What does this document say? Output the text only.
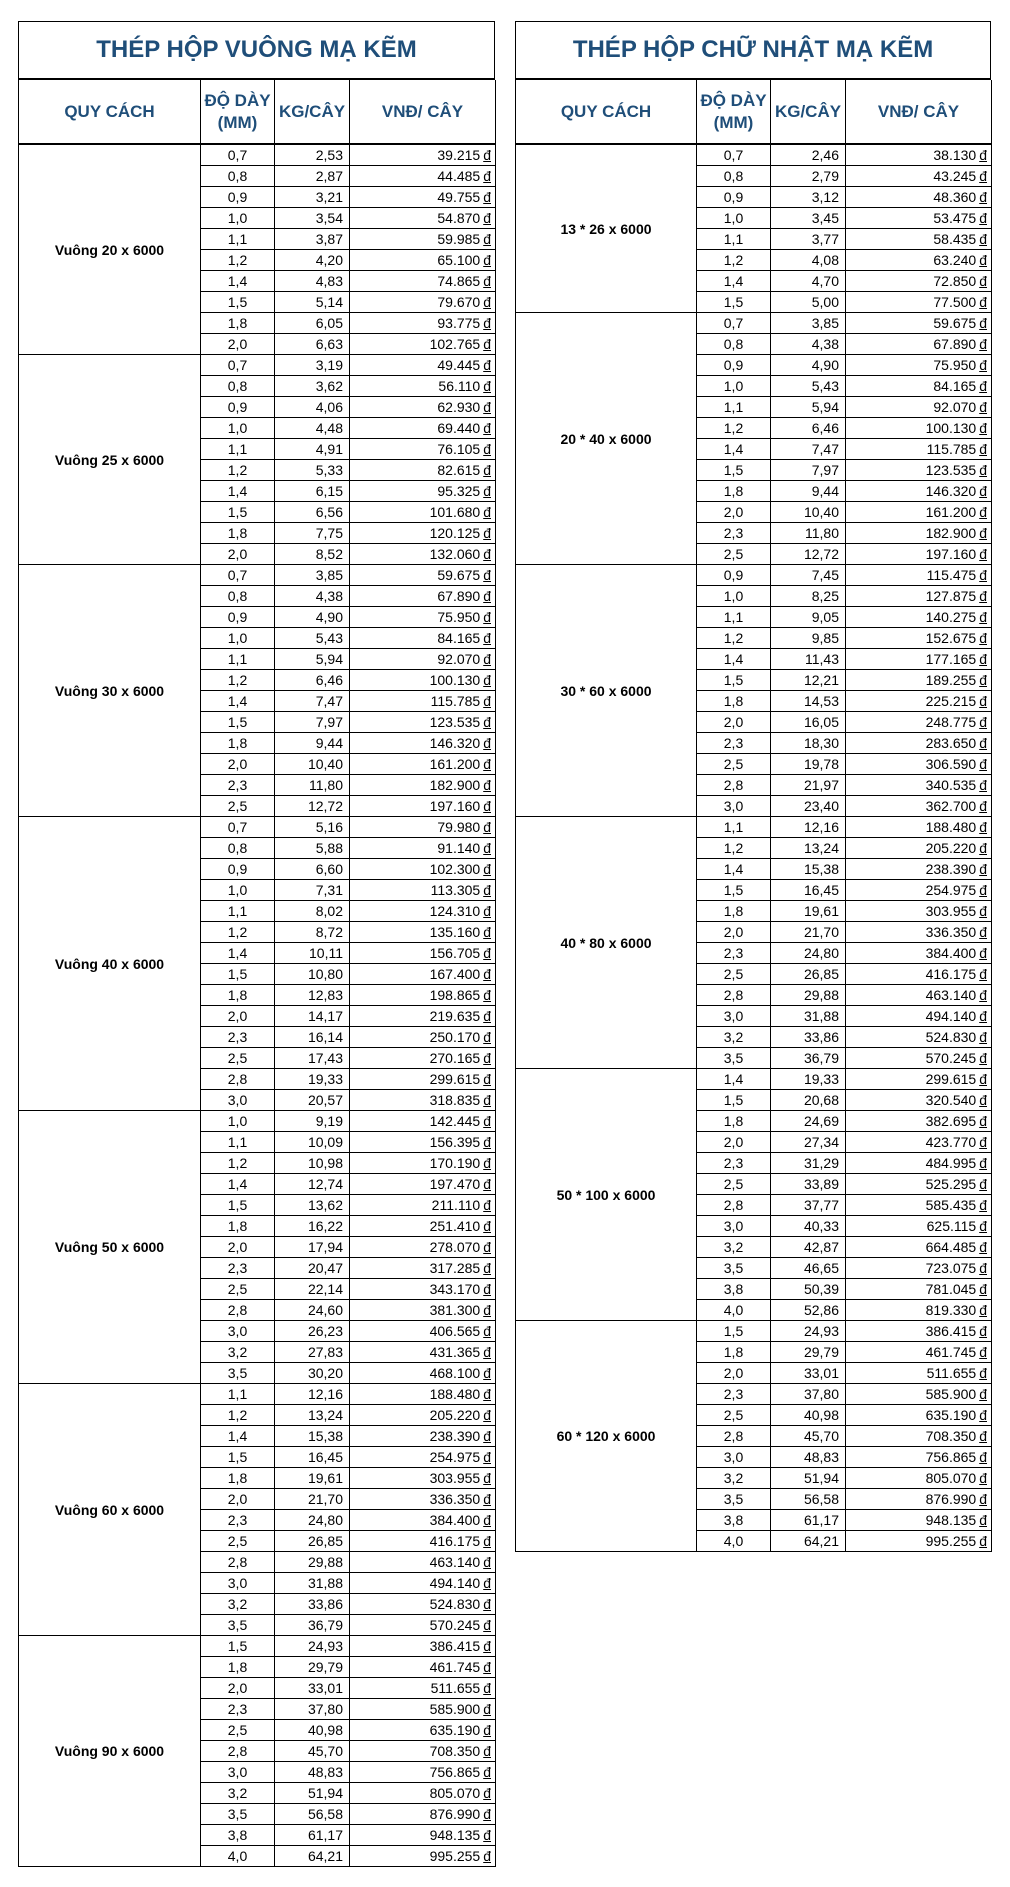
THÉP HỘP VUÔNG MẠ KẼM
QUY CÁCH	ĐỘ DÀY (MM)	KG/CÂY	VNĐ/ CÂY
Vuông 20 x 6000	0,7	2,53	39.215 đ
	0,8	2,87	44.485 đ
	0,9	3,21	49.755 đ
	1,0	3,54	54.870 đ
	1,1	3,87	59.985 đ
	1,2	4,20	65.100 đ
	1,4	4,83	74.865 đ
	1,5	5,14	79.670 đ
	1,8	6,05	93.775 đ
	2,0	6,63	102.765 đ
Vuông 25 x 6000	0,7	3,19	49.445 đ
	0,8	3,62	56.110 đ
	0,9	4,06	62.930 đ
	1,0	4,48	69.440 đ
	1,1	4,91	76.105 đ
	1,2	5,33	82.615 đ
	1,4	6,15	95.325 đ
	1,5	6,56	101.680 đ
	1,8	7,75	120.125 đ
	2,0	8,52	132.060 đ
Vuông 30 x 6000	0,7	3,85	59.675 đ
	0,8	4,38	67.890 đ
	0,9	4,90	75.950 đ
	1,0	5,43	84.165 đ
	1,1	5,94	92.070 đ
	1,2	6,46	100.130 đ
	1,4	7,47	115.785 đ
	1,5	7,97	123.535 đ
	1,8	9,44	146.320 đ
	2,0	10,40	161.200 đ
	2,3	11,80	182.900 đ
	2,5	12,72	197.160 đ
Vuông 40 x 6000	0,7	5,16	79.980 đ
	0,8	5,88	91.140 đ
	0,9	6,60	102.300 đ
	1,0	7,31	113.305 đ
	1,1	8,02	124.310 đ
	1,2	8,72	135.160 đ
	1,4	10,11	156.705 đ
	1,5	10,80	167.400 đ
	1,8	12,83	198.865 đ
	2,0	14,17	219.635 đ
	2,3	16,14	250.170 đ
	2,5	17,43	270.165 đ
	2,8	19,33	299.615 đ
	3,0	20,57	318.835 đ
Vuông 50 x 6000	1,0	9,19	142.445 đ
	1,1	10,09	156.395 đ
	1,2	10,98	170.190 đ
	1,4	12,74	197.470 đ
	1,5	13,62	211.110 đ
	1,8	16,22	251.410 đ
	2,0	17,94	278.070 đ
	2,3	20,47	317.285 đ
	2,5	22,14	343.170 đ
	2,8	24,60	381.300 đ
	3,0	26,23	406.565 đ
	3,2	27,83	431.365 đ
	3,5	30,20	468.100 đ
Vuông 60 x 6000	1,1	12,16	188.480 đ
	1,2	13,24	205.220 đ
	1,4	15,38	238.390 đ
	1,5	16,45	254.975 đ
	1,8	19,61	303.955 đ
	2,0	21,70	336.350 đ
	2,3	24,80	384.400 đ
	2,5	26,85	416.175 đ
	2,8	29,88	463.140 đ
	3,0	31,88	494.140 đ
	3,2	33,86	524.830 đ
	3,5	36,79	570.245 đ
Vuông 90 x 6000	1,5	24,93	386.415 đ
	1,8	29,79	461.745 đ
	2,0	33,01	511.655 đ
	2,3	37,80	585.900 đ
	2,5	40,98	635.190 đ
	2,8	45,70	708.350 đ
	3,0	48,83	756.865 đ
	3,2	51,94	805.070 đ
	3,5	56,58	876.990 đ
	3,8	61,17	948.135 đ
	4,0	64,21	995.255 đ
THÉP HỘP CHỮ NHẬT MẠ KẼM
QUY CÁCH	ĐỘ DÀY (MM)	KG/CÂY	VNĐ/ CÂY
13 * 26 x 6000	0,7	2,46	38.130 đ
	0,8	2,79	43.245 đ
	0,9	3,12	48.360 đ
	1,0	3,45	53.475 đ
	1,1	3,77	58.435 đ
	1,2	4,08	63.240 đ
	1,4	4,70	72.850 đ
	1,5	5,00	77.500 đ
20 * 40 x 6000	0,7	3,85	59.675 đ
	0,8	4,38	67.890 đ
	0,9	4,90	75.950 đ
	1,0	5,43	84.165 đ
	1,1	5,94	92.070 đ
	1,2	6,46	100.130 đ
	1,4	7,47	115.785 đ
	1,5	7,97	123.535 đ
	1,8	9,44	146.320 đ
	2,0	10,40	161.200 đ
	2,3	11,80	182.900 đ
	2,5	12,72	197.160 đ
30 * 60 x 6000	0,9	7,45	115.475 đ
	1,0	8,25	127.875 đ
	1,1	9,05	140.275 đ
	1,2	9,85	152.675 đ
	1,4	11,43	177.165 đ
	1,5	12,21	189.255 đ
	1,8	14,53	225.215 đ
	2,0	16,05	248.775 đ
	2,3	18,30	283.650 đ
	2,5	19,78	306.590 đ
	2,8	21,97	340.535 đ
	3,0	23,40	362.700 đ
40 * 80 x 6000	1,1	12,16	188.480 đ
	1,2	13,24	205.220 đ
	1,4	15,38	238.390 đ
	1,5	16,45	254.975 đ
	1,8	19,61	303.955 đ
	2,0	21,70	336.350 đ
	2,3	24,80	384.400 đ
	2,5	26,85	416.175 đ
	2,8	29,88	463.140 đ
	3,0	31,88	494.140 đ
	3,2	33,86	524.830 đ
	3,5	36,79	570.245 đ
50 * 100 x 6000	1,4	19,33	299.615 đ
	1,5	20,68	320.540 đ
	1,8	24,69	382.695 đ
	2,0	27,34	423.770 đ
	2,3	31,29	484.995 đ
	2,5	33,89	525.295 đ
	2,8	37,77	585.435 đ
	3,0	40,33	625.115 đ
	3,2	42,87	664.485 đ
	3,5	46,65	723.075 đ
	3,8	50,39	781.045 đ
	4,0	52,86	819.330 đ
60 * 120 x 6000	1,5	24,93	386.415 đ
	1,8	29,79	461.745 đ
	2,0	33,01	511.655 đ
	2,3	37,80	585.900 đ
	2,5	40,98	635.190 đ
	2,8	45,70	708.350 đ
	3,0	48,83	756.865 đ
	3,2	51,94	805.070 đ
	3,5	56,58	876.990 đ
	3,8	61,17	948.135 đ
	4,0	64,21	995.255 đ
